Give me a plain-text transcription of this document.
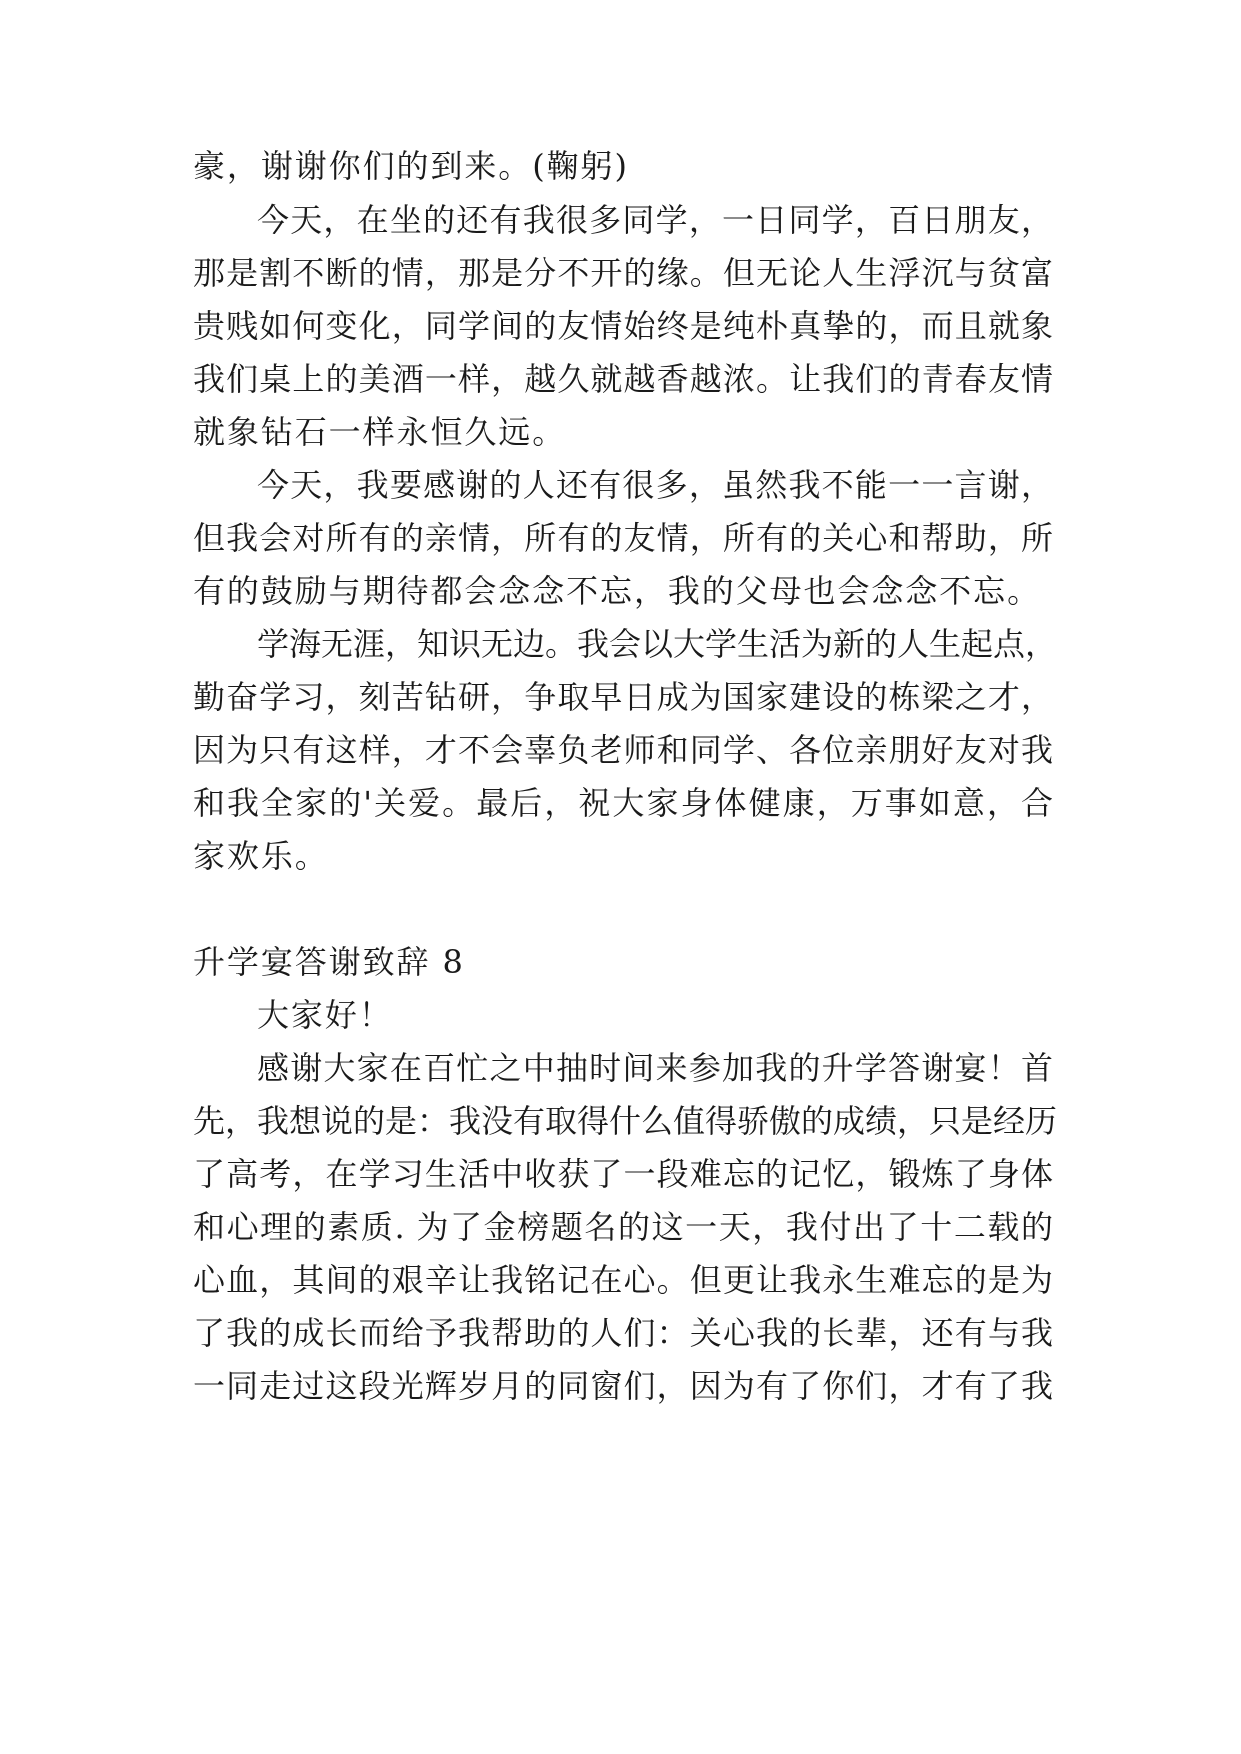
豪，谢谢你们的到来。(鞠躬)
今天，在坐的还有我很多同学，一日同学，百日朋友，
那是割不断的情，那是分不开的缘。但无论人生浮沉与贫富
贵贱如何变化，同学间的友情始终是纯朴真挚的，而且就象
我们桌上的美酒一样，越久就越香越浓。让我们的青春友情
就象钻石一样永恒久远。
今天，我要感谢的人还有很多，虽然我不能一一言谢，
但我会对所有的亲情，所有的友情，所有的关心和帮助，所
有的鼓励与期待都会念念不忘，我的父母也会念念不忘。
学海无涯，知识无边。我会以大学生活为新的人生起点，
勤奋学习，刻苦钻研，争取早日成为国家建设的栋梁之才，
因为只有这样，才不会辜负老师和同学、各位亲朋好友对我
和我全家的'关爱。最后，祝大家身体健康，万事如意，合
家欢乐。
升学宴答谢致辞 8
大家好！
感谢大家在百忙之中抽时间来参加我的升学答谢宴！首
先，我想说的是：我没有取得什么值得骄傲的成绩，只是经历
了高考，在学习生活中收获了一段难忘的记忆，锻炼了身体
和心理的素质. 为了金榜题名的这一天，我付出了十二载的
心血，其间的艰辛让我铭记在心。但更让我永生难忘的是为
了我的成长而给予我帮助的人们：关心我的长辈，还有与我
一同走过这段光辉岁月的同窗们，因为有了你们，才有了我
